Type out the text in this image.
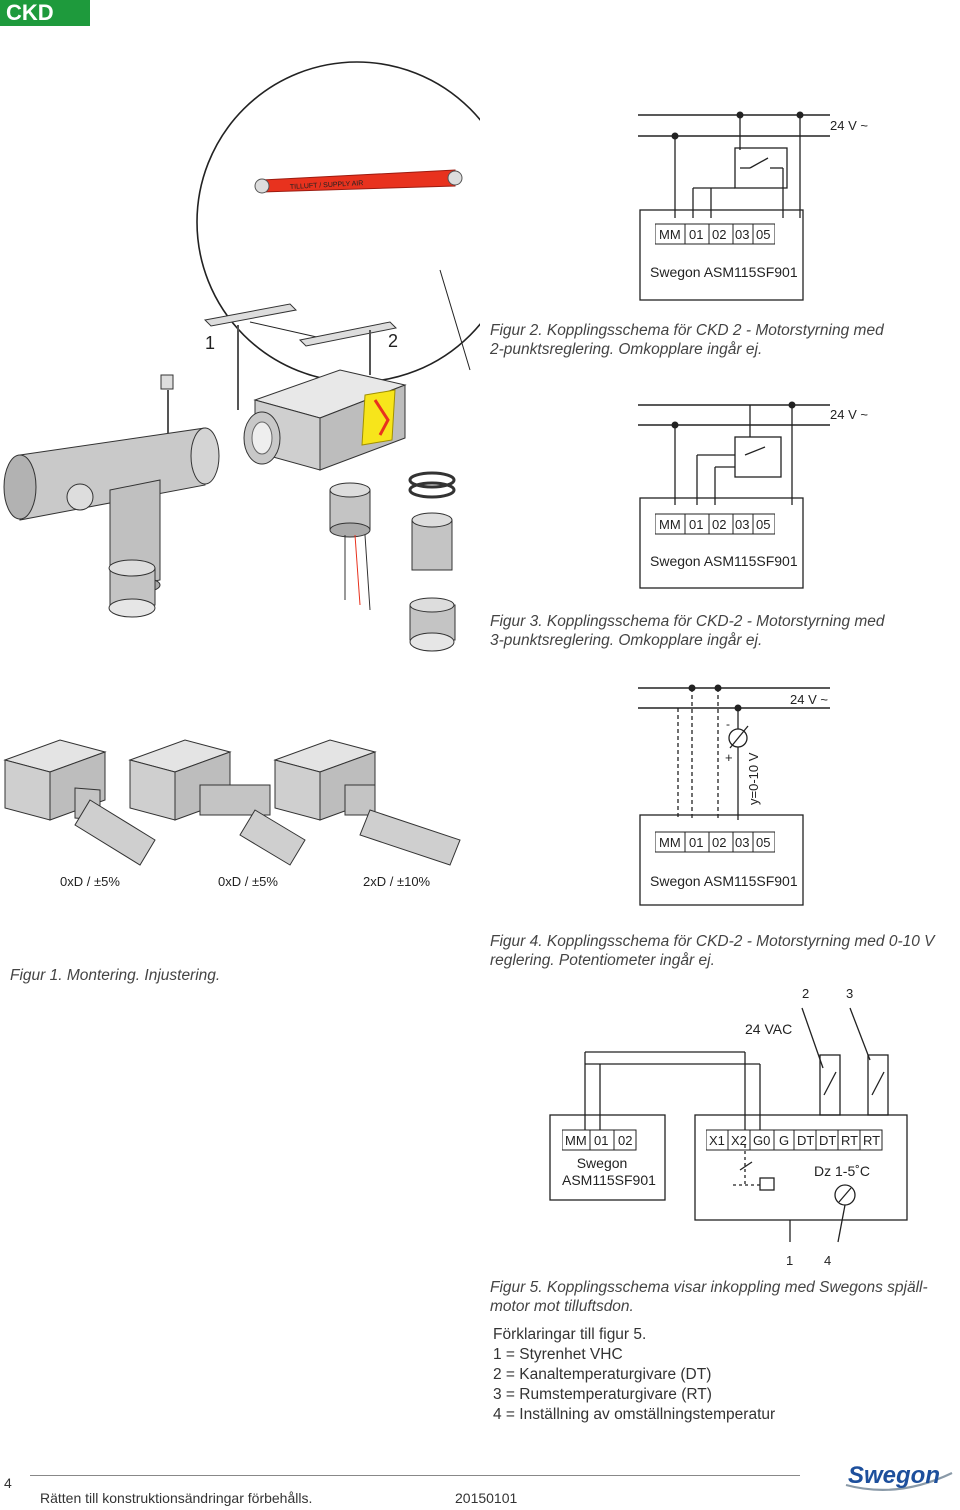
CKD
TILLUFT / SUPPLY AIR
1	2
0xD / ±5%	0xD / ±5%	2xD / ±10%
Figur 1. Montering. Injustering.
24 V ~
MM 01 02 03 05
Swegon ASM115SF901
Figur 2. Kopplingsschema för CKD 2 - Motorstyrning med
2-punktsreglering. Omkopplare ingår ej.
24 V ~
MM 01 02 03 05
Swegon ASM115SF901
Figur 3. Kopplingsschema för CKD-2 - Motorstyrning med
3-punktsreglering. Omkopplare ingår ej.
24 V ~
-
+ y=0-10 V
MM 01 02 03 05
Swegon ASM115SF901
Figur 4. Kopplingsschema för CKD-2 - Motorstyrning med 0-10 V
reglering. Potentiometer ingår ej.
2	3
24 VAC
1 4
MM 01 02
Swegon
ASM115SF901
X1 X2 G0 G DT DT RT RT
Dz 1-5˚C
Figur 5. Kopplingsschema visar inkoppling med Swegons spjäll-
motor mot tilluftsdon.
Förklaringar till figur 5.
1 = Styrenhet VHC
2 = Kanaltemperaturgivare (DT)
3 = Rumstemperaturgivare (RT)
4 = Inställning av omställningstemperatur
4
Rätten till konstruktionsändringar förbehålls.	20150101
Swegon
